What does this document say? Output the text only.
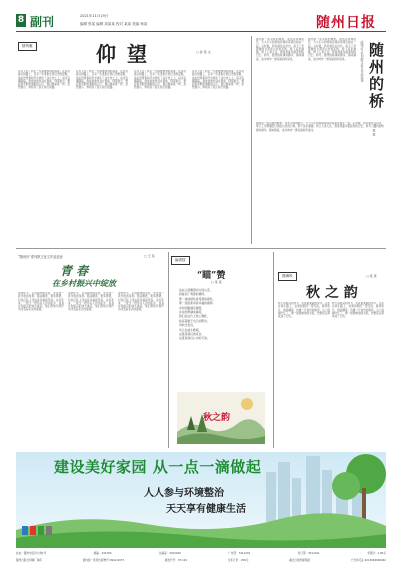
8 副刊	2021年11月19日
编辑 张某 编辑 周某某 校对 某某 美编 杨某	随州日报
情风雅	仰 望	□ 孙 某 文
有些人给了我们一生都要仰望的高度。在乡村振兴的路上，总有一些身影让我们肃然起敬，他们把青春和汗水洒在了这片热土上。每当夜幕降临，我常常独自站在窗前，仰望星空，想起那些默默奉献的人们，他们像星星一样，虽然微小，却照亮了别人前行的路。
有些人给了我们一生都要仰望的高度。在乡村振兴的路上，总有一些身影让我们肃然起敬，他们把青春和汗水洒在了这片热土上。每当夜幕降临，我常常独自站在窗前，仰望星空，想起那些默默奉献的人们，他们像星星一样，虽然微小，却照亮了别人前行的路。
有些人给了我们一生都要仰望的高度。在乡村振兴的路上，总有一些身影让我们肃然起敬，他们把青春和汗水洒在了这片热土上。每当夜幕降临，我常常独自站在窗前，仰望星空，想起那些默默奉献的人们，他们像星星一样，虽然微小，却照亮了别人前行的路。
有些人给了我们一生都要仰望的高度。在乡村振兴的路上，总有一些身影让我们肃然起敬，他们把青春和汗水洒在了这片热土上。每当夜幕降临，我常常独自站在窗前，仰望星空，想起那些默默奉献的人们，他们像星星一样，虽然微小，却照亮了别人前行的路。
“随州好”系列散文征文作品选登 随州的桥
□ 某 某
随州是一座有桥的城市。涢水河穿城而过，大大小小的桥梁将两岸紧紧连接在一起。小时候，我家就住在河边，每天上学都要经过那座古老的石桥。桥下流水潺潺，桥上人来人往，那是我童年最深刻的记忆。如今，随州的桥越来越多，越来越美，成为城市一道亮丽的风景线。
随州是一座有桥的城市。涢水河穿城而过，大大小小的桥梁将两岸紧紧连接在一起。小时候，我家就住在河边，每天上学都要经过那座古老的石桥。桥下流水潺潺，桥上人来人往，那是我童年最深刻的记忆。如今，随州的桥越来越多，越来越美，成为城市一道亮丽的风景线。
随州是一座有桥的城市。涢水河穿城而过，大大小小的桥梁将两岸紧紧连接在一起。小时候，我家就住在河边，每天上学都要经过那座古老的石桥。桥下流水潺潺，桥上人来人往，那是我童年最深刻的记忆。如今，随州的桥越来越多，越来越美，成为城市一道亮丽的风景线。
“随州好”系列散文征文作品选登	□ 王 某
青 春
在乡村振兴中绽放
金秋时节，走进随州的乡村，处处是一派丰收的景象。稻谷飘香，果实累累，村民们脸上洋溢着幸福的笑容。这些年来，一批又一批年轻人回到家乡，投身乡村振兴的伟大事业，他们用知识和汗水改变着家乡的面貌。
金秋时节，走进随州的乡村，处处是一派丰收的景象。稻谷飘香，果实累累，村民们脸上洋溢着幸福的笑容。这些年来，一批又一批年轻人回到家乡，投身乡村振兴的伟大事业，他们用知识和汗水改变着家乡的面貌。
金秋时节，走进随州的乡村，处处是一派丰收的景象。稻谷飘香，果实累累，村民们脸上洋溢着幸福的笑容。这些年来，一批又一批年轻人回到家乡，投身乡村振兴的伟大事业，他们用知识和汗水改变着家乡的面貌。
编者按
“瞄”赞
□ 某 某
站在山顶眺望远方的山峦，
我看到了青春的模样，
那一抹抹绿色是希望的颜色，
那一座座新房是幸福的模样。
乡村的路越走越宽，
乡村的梦越来越亮，
我们在这片土地上耕耘，
收获着属于自己的阳光。
风吹过麦田，
鸟儿在枝头歌唱，
这里是我们的家乡，
这里是我们心中的天堂。
秋之韵
情满风	□ 某 某
秋 之 韵
秋天是收获的季节，也是最美丽的季节。走在乡间小路上，金黄的稻田一望无际，微风吹过，稻浪翻滚，仿佛一片金色的海洋。山上的枫叶红了，像一团团燃烧的火焰，把整座山都染成了红色。
秋天是收获的季节，也是最美丽的季节。走在乡间小路上，金黄的稻田一望无际，微风吹过，稻浪翻滚，仿佛一片金色的海洋。山上的枫叶红了，像一团团燃烧的火焰，把整座山都染成了红色。
建设美好家园 从一点一滴做起
人人参与环境整治
天天享有健康生活
社址：随州市沿河大道1号	邮编：441300	总编室：3222020	广告部：3211201	发行部：3211011	零售价：1.00元
随州日报社印刷厂承印	国内统一连续出版物号 CN42-0073	邮发代号：37-119	全年订价：256元	湖北日报传媒集团	广告许可证 4213004000042
